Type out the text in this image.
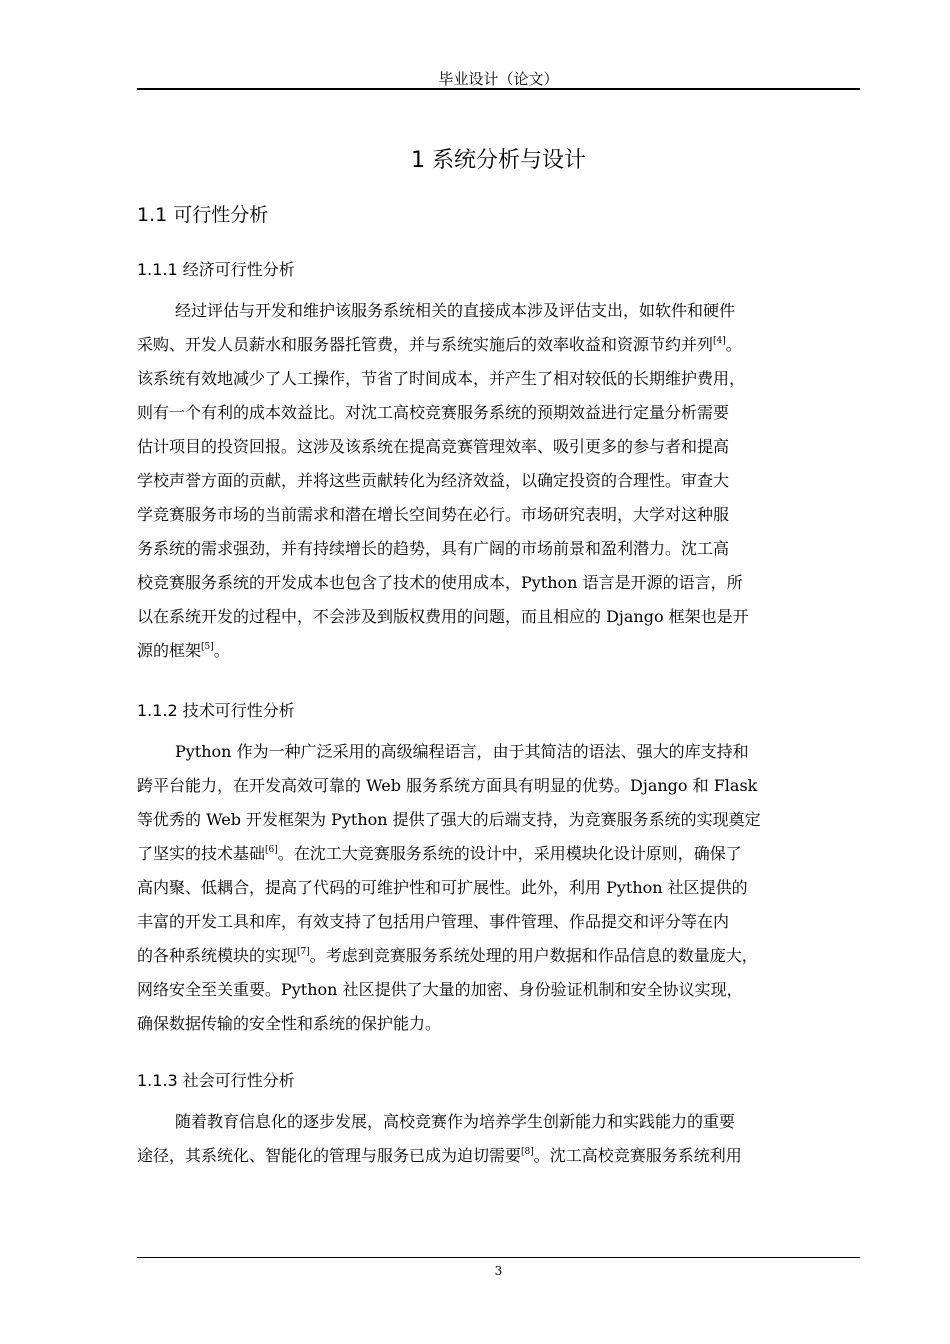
毕业设计（论文）
1 系统分析与设计
1.1 可行性分析
1.1.1 经济可行性分析
经过评估与开发和维护该服务系统相关的直接成本涉及评估支出，如软件和硬件
采购、开发人员薪水和服务器托管费，并与系统实施后的效率收益和资源节约并列[4]。
该系统有效地减少了人工操作，节省了时间成本，并产生了相对较低的长期维护费用，
则有一个有利的成本效益比。对沈工高校竞赛服务系统的预期效益进行定量分析需要
估计项目的投资回报。这涉及该系统在提高竞赛管理效率、吸引更多的参与者和提高
学校声誉方面的贡献，并将这些贡献转化为经济效益，以确定投资的合理性。审查大
学竞赛服务市场的当前需求和潜在增长空间势在必行。市场研究表明，大学对这种服
务系统的需求强劲，并有持续增长的趋势，具有广阔的市场前景和盈利潜力。沈工高
校竞赛服务系统的开发成本也包含了技术的使用成本，Python 语言是开源的语言，所
以在系统开发的过程中，不会涉及到版权费用的问题，而且相应的 Django 框架也是开
源的框架[5]。
1.1.2 技术可行性分析
Python 作为一种广泛采用的高级编程语言，由于其简洁的语法、强大的库支持和
跨平台能力，在开发高效可靠的 Web 服务系统方面具有明显的优势。Django 和 Flask
等优秀的 Web 开发框架为 Python 提供了强大的后端支持，为竞赛服务系统的实现奠定
了坚实的技术基础[6]。在沈工大竞赛服务系统的设计中，采用模块化设计原则，确保了
高内聚、低耦合，提高了代码的可维护性和可扩展性。此外，利用 Python 社区提供的
丰富的开发工具和库，有效支持了包括用户管理、事件管理、作品提交和评分等在内
的各种系统模块的实现[7]。考虑到竞赛服务系统处理的用户数据和作品信息的数量庞大，
网络安全至关重要。Python 社区提供了大量的加密、身份验证机制和安全协议实现，
确保数据传输的安全性和系统的保护能力。
1.1.3 社会可行性分析
随着教育信息化的逐步发展，高校竞赛作为培养学生创新能力和实践能力的重要
途径，其系统化、智能化的管理与服务已成为迫切需要[8]。沈工高校竞赛服务系统利用
3
